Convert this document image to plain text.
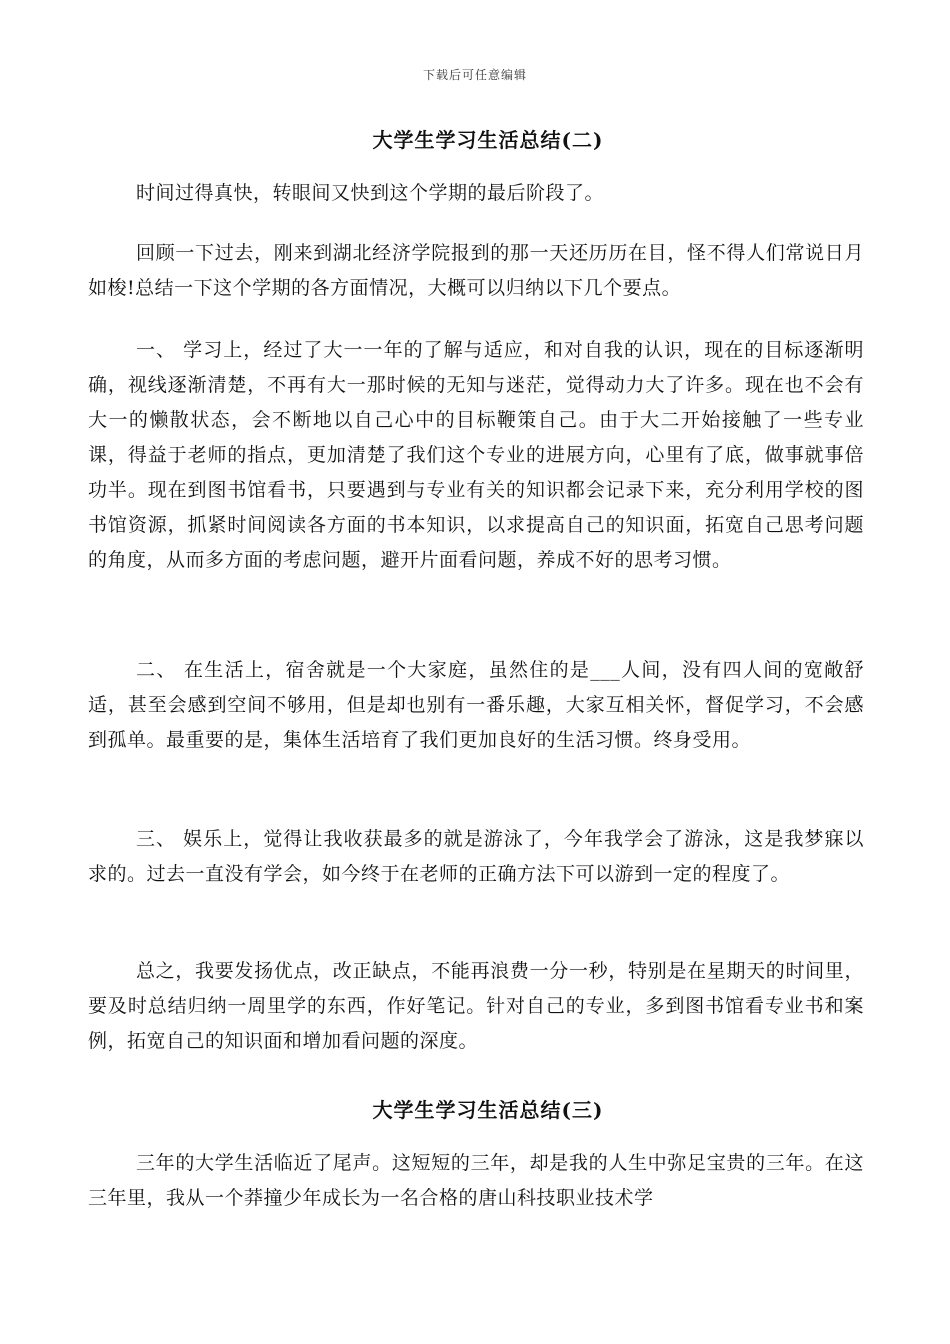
下载后可任意编辑
大学生学习生活总结(二)

时间过得真快，转眼间又快到这个学期的最后阶段了。

回顾一下过去，刚来到湖北经济学院报到的那一天还历历在目，怪不得人们常说日月如梭!总结一下这个学期的各方面情况，大概可以归纳以下几个要点。

一、 学习上，经过了大一一年的了解与适应，和对自我的认识，现在的目标逐渐明确，视线逐渐清楚，不再有大一那时候的无知与迷茫，觉得动力大了许多。现在也不会有大一的懒散状态，会不断地以自己心中的目标鞭策自己。由于大二开始接触了一些专业课，得益于老师的指点，更加清楚了我们这个专业的进展方向，心里有了底，做事就事倍功半。现在到图书馆看书，只要遇到与专业有关的知识都会记录下来，充分利用学校的图书馆资源，抓紧时间阅读各方面的书本知识，以求提高自己的知识面，拓宽自己思考问题的角度，从而多方面的考虑问题，避开片面看问题，养成不好的思考习惯。

二、 在生活上，宿舍就是一个大家庭，虽然住的是___人间，没有四人间的宽敞舒适，甚至会感到空间不够用，但是却也别有一番乐趣，大家互相关怀，督促学习，不会感到孤单。最重要的是，集体生活培育了我们更加良好的生活习惯。终身受用。

三、 娱乐上，觉得让我收获最多的就是游泳了，今年我学会了游泳，这是我梦寐以求的。过去一直没有学会，如今终于在老师的正确方法下可以游到一定的程度了。

总之，我要发扬优点，改正缺点，不能再浪费一分一秒，特别是在星期天的时间里，要及时总结归纳一周里学的东西，作好笔记。针对自己的专业，多到图书馆看专业书和案例，拓宽自己的知识面和增加看问题的深度。

大学生学习生活总结(三)

三年的大学生活临近了尾声。这短短的三年，却是我的人生中弥足宝贵的三年。在这三年里，我从一个莽撞少年成长为一名合格的唐山科技职业技术学
